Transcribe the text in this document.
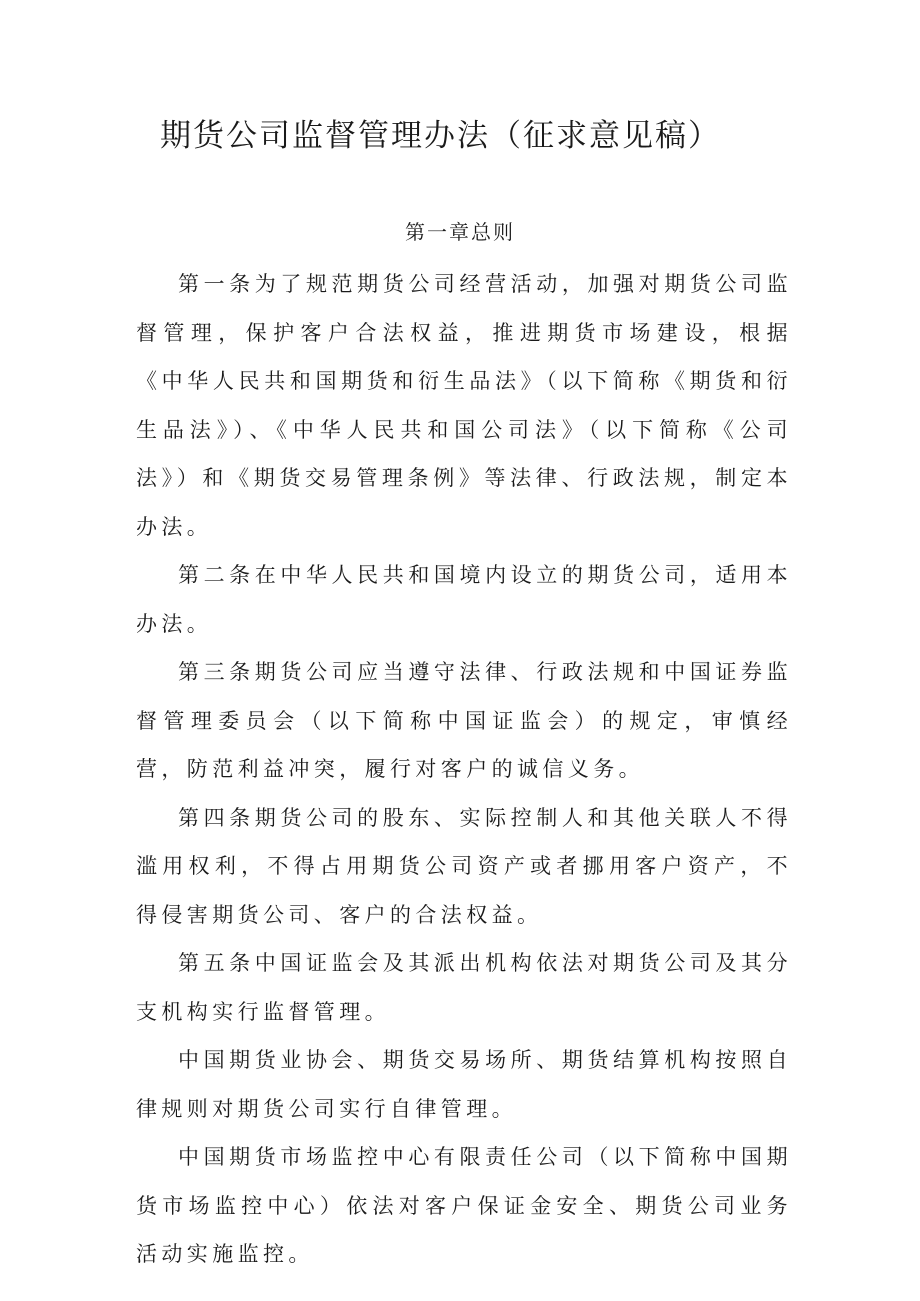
期货公司监督管理办法（征求意见稿）
第一章总则

第一条为了规范期货公司经营活动，加强对期货公司监督管理，保护客户合法权益，推进期货市场建设，根据《中华人民共和国期货和衍生品法》（以下简称《期货和衍生品法》）、《中华人民共和国公司法》（以下简称《公司法》）和《期货交易管理条例》等法律、行政法规，制定本办法。

第二条在中华人民共和国境内设立的期货公司，适用本办法。

第三条期货公司应当遵守法律、行政法规和中国证券监督管理委员会（以下简称中国证监会）的规定，审慎经营，防范利益冲突，履行对客户的诚信义务。

第四条期货公司的股东、实际控制人和其他关联人不得滥用权利，不得占用期货公司资产或者挪用客户资产，不得侵害期货公司、客户的合法权益。

第五条中国证监会及其派出机构依法对期货公司及其分支机构实行监督管理。

中国期货业协会、期货交易场所、期货结算机构按照自律规则对期货公司实行自律管理。

中国期货市场监控中心有限责任公司（以下简称中国期货市场监控中心）依法对客户保证金安全、期货公司业务活动实施监控。
